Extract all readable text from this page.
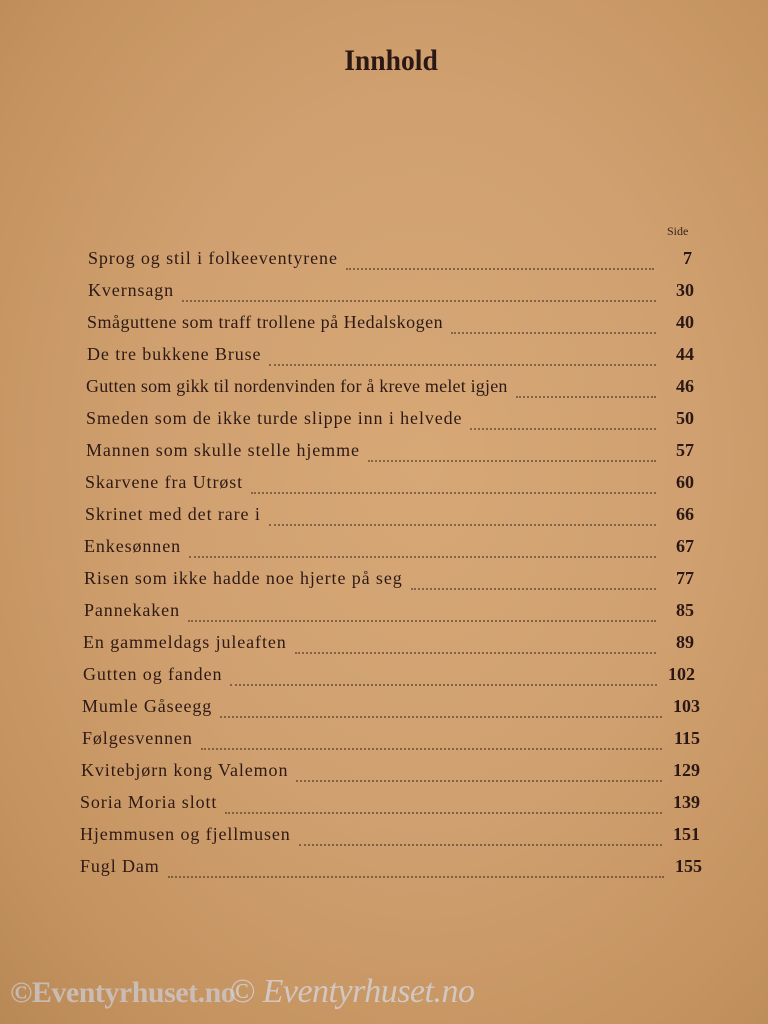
Innhold
Side
Sprog og stil i folkeeventyrene	7
Kvernsagn	30
Småguttene som traff trollene på Hedalskogen	40
De tre bukkene Bruse	44
Gutten som gikk til nordenvinden for å kreve melet igjen	46
Smeden som de ikke turde slippe inn i helvede	50
Mannen som skulle stelle hjemme	57
Skarvene fra Utrøst	60
Skrinet med det rare i	66
Enkesønnen	67
Risen som ikke hadde noe hjerte på seg	77
Pannekaken	85
En gammeldags juleaften	89
Gutten og fanden	102
Mumle Gåseegg	103
Følgesvennen	115
Kvitebjørn kong Valemon	129
Soria Moria slott	139
Hjemmusen og fjellmusen	151
Fugl Dam	155
©Eventyrhuset.no© Eventyrhuset.no
